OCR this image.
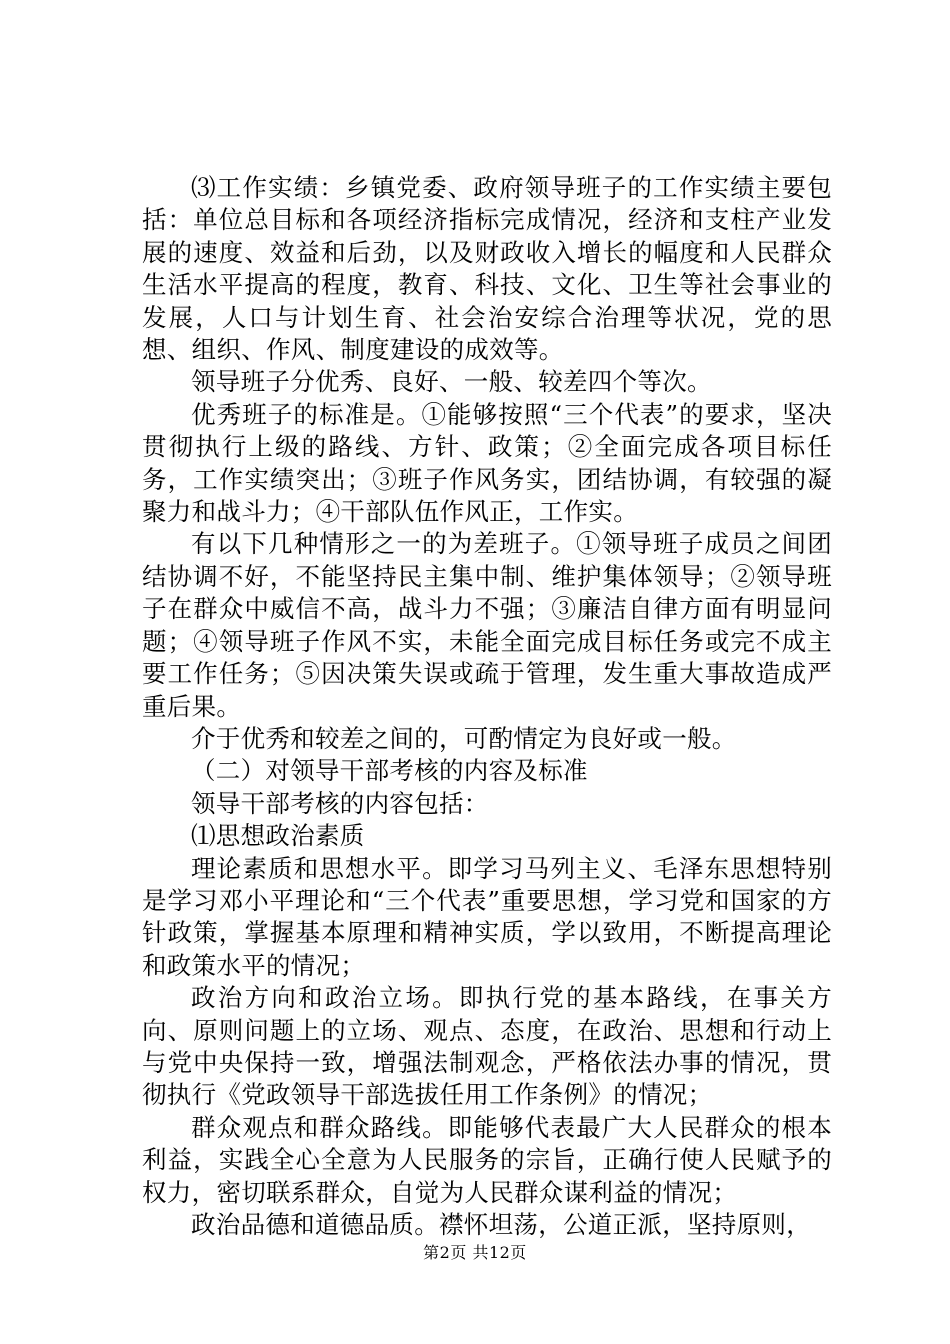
⑶工作实绩：乡镇党委、政府领导班子的工作实绩主要包括：单位总目标和各项经济指标完成情况，经济和支柱产业发展的速度、效益和后劲，以及财政收入增长的幅度和人民群众生活水平提高的程度，教育、科技、文化、卫生等社会事业的发展，人口与计划生育、社会治安综合治理等状况，党的思想、组织、作风、制度建设的成效等。

领导班子分优秀、良好、一般、较差四个等次。

优秀班子的标准是。①能够按照“三个代表”的要求，坚决贯彻执行上级的路线、方针、政策；②全面完成各项目标任务，工作实绩突出；③班子作风务实，团结协调，有较强的凝聚力和战斗力；④干部队伍作风正，工作实。

有以下几种情形之一的为差班子。①领导班子成员之间团结协调不好，不能坚持民主集中制、维护集体领导；②领导班子在群众中威信不高，战斗力不强；③廉洁自律方面有明显问题；④领导班子作风不实，未能全面完成目标任务或完不成主要工作任务；⑤因决策失误或疏于管理，发生重大事故造成严重后果。

介于优秀和较差之间的，可酌情定为良好或一般。

（二）对领导干部考核的内容及标准

领导干部考核的内容包括：

⑴思想政治素质

理论素质和思想水平。即学习马列主义、毛泽东思想特别是学习邓小平理论和“三个代表”重要思想，学习党和国家的方针政策，掌握基本原理和精神实质，学以致用，不断提高理论和政策水平的情况；

政治方向和政治立场。即执行党的基本路线，在事关方向、原则问题上的立场、观点、态度，在政治、思想和行动上与党中央保持一致，增强法制观念，严格依法办事的情况，贯彻执行《党政领导干部选拔任用工作条例》的情况；

群众观点和群众路线。即能够代表最广大人民群众的根本利益，实践全心全意为人民服务的宗旨，正确行使人民赋予的权力，密切联系群众，自觉为人民群众谋利益的情况；

政治品德和道德品质。襟怀坦荡，公道正派，坚持原则，

第2页 共12页
